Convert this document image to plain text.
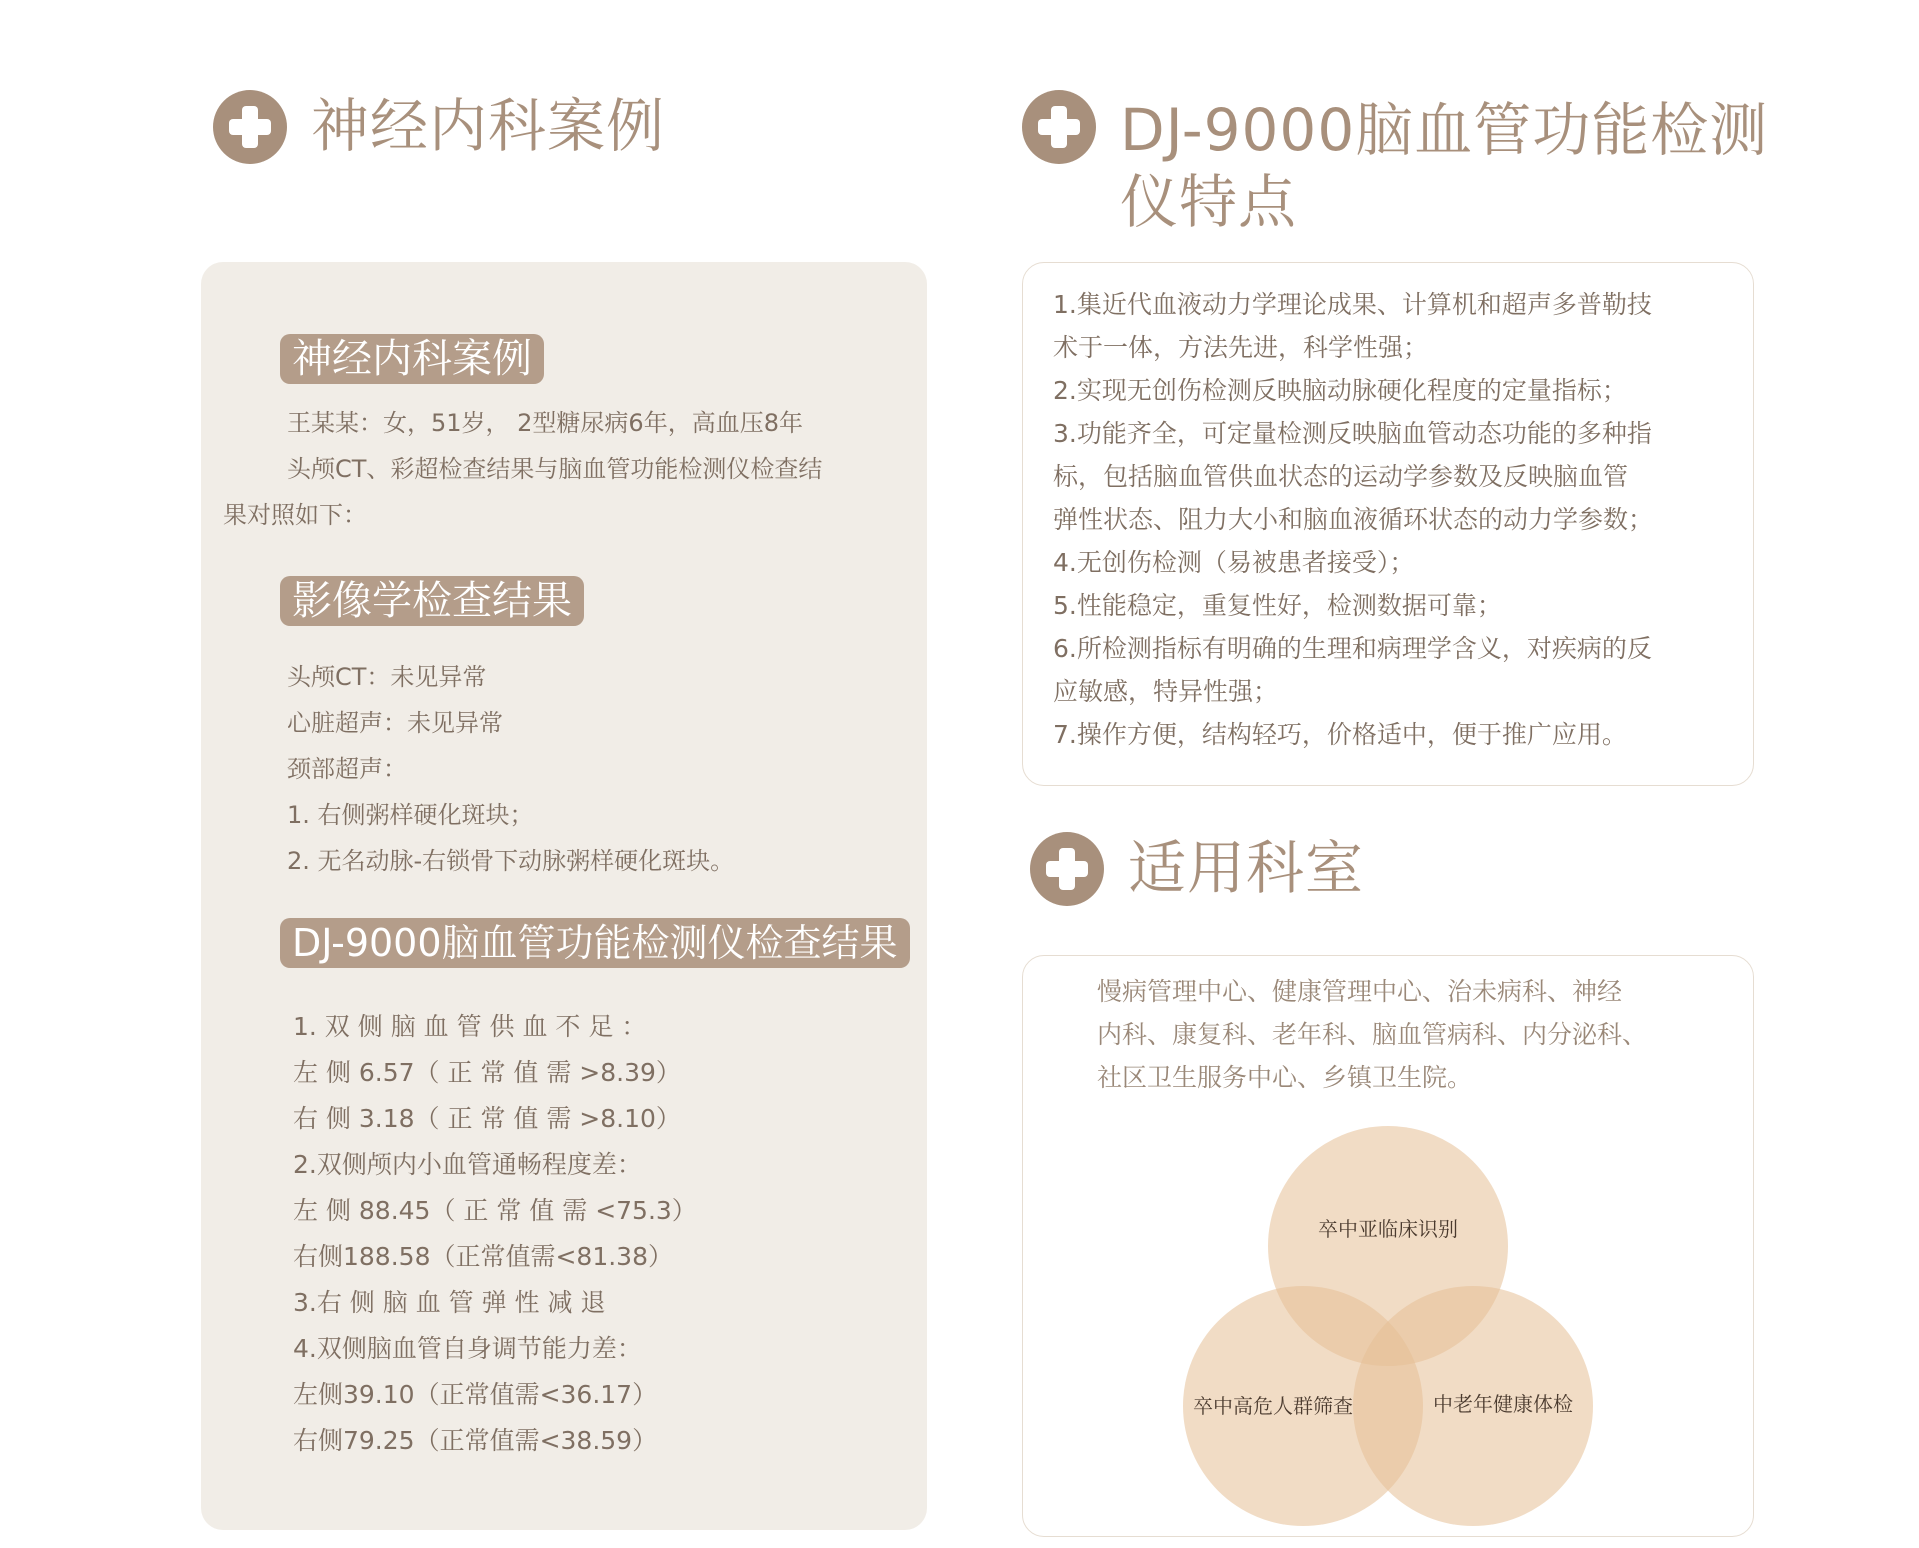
神经内科案例
神经内科案例
王某某：女，51岁， 2型糖尿病6年，高血压8年
头颅CT、彩超检查结果与脑血管功能检测仪检查结
果对照如下：
影像学检查结果
头颅CT：未见异常
心脏超声：未见异常
颈部超声：
1. 右侧粥样硬化斑块；
2. 无名动脉-右锁骨下动脉粥样硬化斑块。
DJ-9000脑血管功能检测仪检查结果
1. 双 侧 脑 血 管 供 血 不 足 ：
左 侧 6.57（ 正 常 值 需 >8.39）
右 侧 3.18（ 正 常 值 需 >8.10）
2.双侧颅内小血管通畅程度差：
左 侧 88.45（ 正 常 值 需 <75.3）
右侧188.58（正常值需<81.38）
3.右 侧 脑 血 管 弹 性 减 退
4.双侧脑血管自身调节能力差：
左侧39.10（正常值需<36.17）
右侧79.25（正常值需<38.59）
DJ-9000脑血管功能检测
仪特点
1.集近代血液动力学理论成果、计算机和超声多普勒技
术于一体，方法先进，科学性强；
2.实现无创伤检测反映脑动脉硬化程度的定量指标；
3.功能齐全，可定量检测反映脑血管动态功能的多种指
标，包括脑血管供血状态的运动学参数及反映脑血管
弹性状态、阻力大小和脑血液循环状态的动力学参数；
4.无创伤检测（易被患者接受）；
5.性能稳定，重复性好，检测数据可靠；
6.所检测指标有明确的生理和病理学含义，对疾病的反
应敏感，特异性强；
7.操作方便，结构轻巧，价格适中，便于推广应用。
适用科室
慢病管理中心、健康管理中心、治未病科、神经
内科、康复科、老年科、脑血管病科、内分泌科、
社区卫生服务中心、乡镇卫生院。
卒中亚临床识别
卒中高危人群筛查	中老年健康体检
